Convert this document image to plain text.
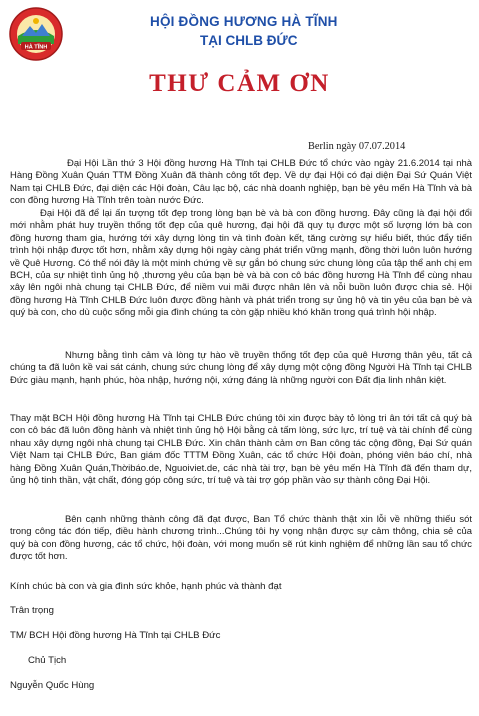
HÀ TĨNH
HỘI ĐỒNG HƯƠNG HÀ TĨNH
TẠI CHLB ĐỨC
THƯ CẢM ƠN
Berlin ngày 07.07.2014

Đại Hội Lần thứ 3 Hội đồng hương Hà Tĩnh tại CHLB Đức tổ chức vào ngày 21.6.2014 tại nhà Hàng Đồng Xuân Quán TTM Đồng Xuân đã thành công tốt đẹp. Về dự đại Hội có đại diện Đại Sứ Quán Việt Nam tại CHLB Đức, đại diện các Hội đoàn, Câu lạc bộ, các nhà doanh nghiệp, bạn bè yêu mến Hà Tĩnh và bà con đồng hương Hà Tĩnh trên toàn nước Đức.

Đại Hội đã để lại ấn tượng tốt đẹp trong lòng bạn bè và bà con đồng hương. Đây cũng là đại hội đổi mới nhằm phát huy truyền thống tốt đẹp của quê hương, đại hội đã quy tụ được một số lượng lớn bà con đồng hương tham gia, hướng tới xây dựng lòng tin và tình đoàn kết, tăng cường sự hiểu biết, thúc đẩy tiến trình hội nhập được tốt hơn, nhằm xây dựng hội ngày càng phát triển vững mạnh, đồng thời luôn luôn hướng về Quê Hương. Có thể nói đây là một minh chứng về sự gắn bó chung sức chung lòng của tập thể anh chị em BCH, của sự nhiệt tình ủng hộ ,thương yêu của bạn bè và bà con cô bác đồng hương Hà Tĩnh để cùng nhau xây lên ngôi nhà chung tại CHLB Đức, để niềm vui mãi được nhân lên và nỗi buồn luôn được chia sẻ. Hội đồng hương Hà Tĩnh CHLB Đức luôn được đồng hành và phát triển trong sự ủng hộ và tin yêu của bạn bè và quý bà con, cho dù cuộc sống mỗi gia đình chúng ta còn gặp nhiều khó khăn trong quá trình hội nhập.

Nhưng bằng tình cảm và lòng tự hào về truyền thống tốt đẹp của quê Hương thân yêu, tất cả chúng ta đã luôn kề vai sát cánh, chung sức chung lòng để xây dựng một cộng đồng Người Hà Tĩnh tại CHLB Đức giàu mạnh, hạnh phúc, hòa nhập, hướng nội, xứng đáng là những người con Đất địa linh nhân kiệt.

Thay mặt BCH Hội đồng hương Hà Tĩnh tại CHLB Đức chúng tôi xin được bày tỏ lòng tri ân tới tất cả quý bà con cô bác đã luôn đồng hành và nhiệt tình ủng hộ Hội bằng cả tấm lòng, sức lực, trí tuệ và tài chính để cùng nhau xây dựng ngôi nhà chung tại CHLB Đức. Xin chân thành cảm ơn Ban công tác cộng đồng, Đại Sứ quán Việt Nam tại CHLB Đức, Ban giám đốc TTTM Đồng Xuân, các tổ chức Hội đoàn, phóng viên báo chí, nhà hàng Đồng Xuân Quán,Thờibáo.de, Nguoiviet.de, các nhà tài trợ, bạn bè yêu mến Hà Tĩnh đã đến tham dự, ủng hộ tinh thần, vật chất, đóng góp công sức, trí tuệ và tài trợ góp phần vào sự thành công Đại Hội.

Bên cạnh những thành công đã đạt được, Ban Tổ chức thành thật xin lỗi về những thiếu sót trong công tác đón tiếp, điều hành chương trình...Chúng tôi hy vọng nhận được sự cảm thông, chia sẻ của quý bà con đồng hương, các tổ chức, hội đoàn, với mong muốn sẽ rút kinh nghiệm để những lần sau tổ chức được tốt hơn.

Kính chúc bà con và gia đình sức khỏe, hạnh phúc và thành đạt
Trân trọng
TM/ BCH Hội đồng hương Hà Tĩnh tại CHLB Đức
Chủ Tịch
Nguyễn Quốc Hùng
